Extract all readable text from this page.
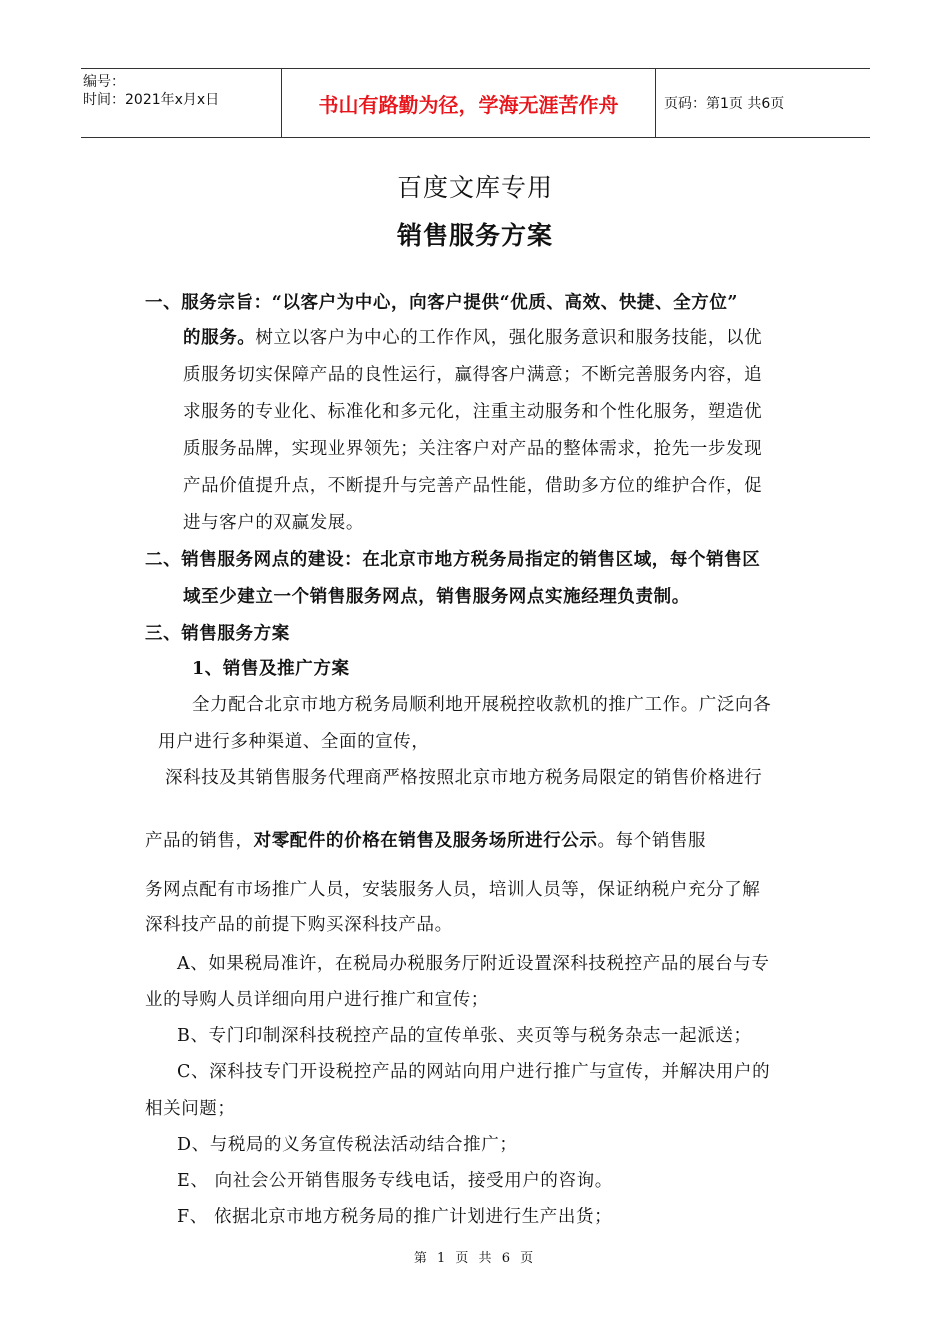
编号：
时间：2021年x月x日	书山有路勤为径，学海无涯苦作舟	页码：第1页 共6页
百度文库专用
销售服务方案
一、服务宗旨：“以客户为中心，向客户提供“优质、高效、快捷、全方位”
的服务。树立以客户为中心的工作作风，强化服务意识和服务技能，以优
质服务切实保障产品的良性运行，赢得客户满意；不断完善服务内容，追
求服务的专业化、标准化和多元化，注重主动服务和个性化服务，塑造优
质服务品牌，实现业界领先；关注客户对产品的整体需求，抢先一步发现
产品价值提升点，不断提升与完善产品性能，借助多方位的维护合作，促
进与客户的双赢发展。
二、销售服务网点的建设：在北京市地方税务局指定的销售区域，每个销售区
域至少建立一个销售服务网点，销售服务网点实施经理负责制。
三、销售服务方案
1、销售及推广方案
全力配合北京市地方税务局顺利地开展税控收款机的推广工作。广泛向各
用户进行多种渠道、全面的宣传，
深科技及其销售服务代理商严格按照北京市地方税务局限定的销售价格进行
产品的销售，对零配件的价格在销售及服务场所进行公示。每个销售服
务网点配有市场推广人员，安装服务人员，培训人员等，保证纳税户充分了解
深科技产品的前提下购买深科技产品。
A、如果税局准许，在税局办税服务厅附近设置深科技税控产品的展台与专
业的导购人员详细向用户进行推广和宣传；
B、专门印制深科技税控产品的宣传单张、夹页等与税务杂志一起派送；
C、深科技专门开设税控产品的网站向用户进行推广与宣传，并解决用户的
相关问题；
D、与税局的义务宣传税法活动结合推广；
E、 向社会公开销售服务专线电话，接受用户的咨询。
F、 依据北京市地方税务局的推广计划进行生产出货；
第 1 页 共 6 页
